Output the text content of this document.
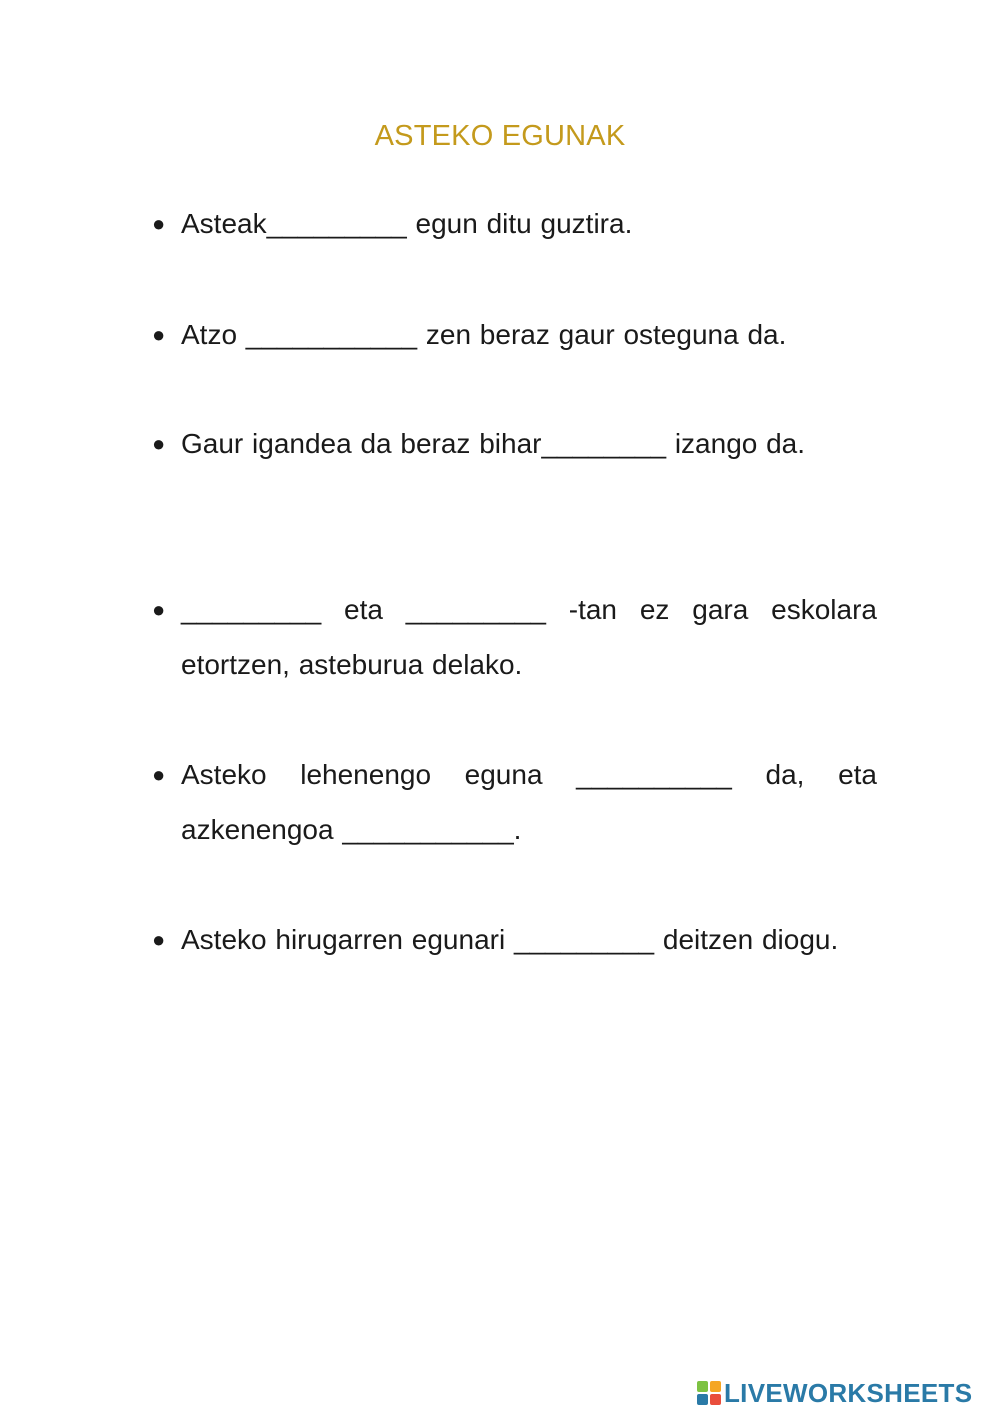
ASTEKO EGUNAK
● Asteak_________ egun ditu guztira.
● Atzo ___________ zen beraz gaur osteguna da.
● Gaur igandea da beraz bihar________ izango da.
● _________ eta _________ -tan ez gara eskolara etortzen, asteburua delako.
● Asteko lehenengo eguna __________ da, eta azkenengoa ___________.
● Asteko hirugarren egunari _________ deitzen diogu.
LIVEWORKSHEETS
